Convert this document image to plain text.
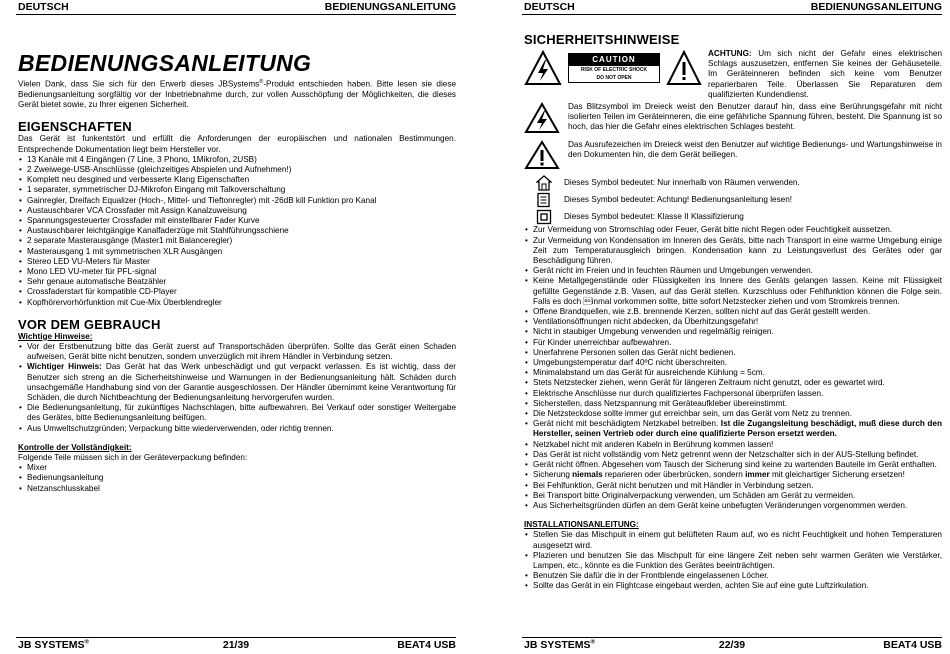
DEUTSCH	BEDIENUNGSANLEITUNG
BEDIENUNGSANLEITUNG

Vielen Dank, dass Sie sich für den Erwerb dieses JBSystems®-Produkt entschieden haben. Bitte lesen sie diese Bedienungsanleitung sorgfältig vor der Inbetriebnahme durch, zur vollen Ausschöpfung der Möglichkeiten, die dieses Gerät bietet sowie, zu Ihrer eigenen Sicherheit.

EIGENSCHAFTEN

Das Gerät ist funkentstört und erfüllt die Anforderungen der europäischen und nationalen Bestimmungen. Entsprechende Dokumentation liegt beim Hersteller vor.

• 13 Kanäle mit 4 Eingängen (7 Line, 3 Phono, 1Mikrofon, 2USB)
• 2 Zweiwege-USB-Anschlüsse (gleichzeitiges Abspielen und Aufnehmen!)
• Komplett neu desgined und verbesserte Klang Eigenschaften
• 1 separater, symmetrischer DJ-Mikrofon Eingang mit Talkoverschaltung
• Gainregler, Dreifach Equalizer (Hoch-, Mittel- und Tieftonregler) mit -26dB kill Funktion pro Kanal
• Austauschbarer VCA Crossfader mit Assign Kanalzuweisung
• Spannungsgesteuerter Crossfader mit einstellbarer Fader Kurve
• Austauschbarer leichtgängige Kanalfaderzüge mit Stahlführungsschiene
• 2 separate Masterausgänge (Master1 mit Balanceregler)
• Masterausgang 1 mit symmetrischen XLR Ausgängen
• Stereo LED VU-Meters für Master
• Mono LED VU-meter für PFL-signal
• Sehr genaue automatische Beatzähler
• Crossfaderstart für kompatible CD-Player
• Kopfhörervorhörfunktion mit Cue-Mix Überblendregler
VOR DEM GEBRAUCH
Wichtige Hinweise:
• Vor der Erstbenutzung bitte das Gerät zuerst auf Transportschäden überprüfen. Sollte das Gerät einen Schaden aufweisen, Gerät bitte nicht benutzen, sondern unverzüglich mit ihrem Händler in Verbindung setzen.
• Wichtiger Hinweis: Das Gerät hat das Werk unbeschädigt und gut verpackt verlassen. Es ist wichtig, dass der Benutzer sich streng an die Sicherheitshinweise und Warnungen in der Bedienungsanleitung hält. Schäden durch unsachgemäße Handhabung sind von der Garantie ausgeschlossen. Der Händler übernimmt keine Verantwortung für Schäden, die durch Nichtbeachtung der Bedienungsanleitung hervorgerufen wurden.
• Die Bedienungsanleitung, für zukünftiges Nachschlagen, bitte aufbewahren. Bei Verkauf oder sonstiger Weitergabe des Gerätes, bitte Bedienungsanleitung beifügen.
• Aus Umweltschutzgründen; Verpackung bitte wiederverwenden, oder richtig trennen.
Kontrolle der Vollständigkeit:

Folgende Teile müssen sich in der Geräteverpackung befinden:

• Mixer
• Bedienungsanleitung
• Netzanschlusskabel
JB SYSTEMS®	21/39	BEAT4 USB
DEUTSCH	BEDIENUNGSANLEITUNG
SICHERHEITSHINWEISE
CAUTION
RISK OF ELECTRIC SHOCK
DO NOT OPEN

ACHTUNG: Um sich nicht der Gefahr eines elektrischen Schlags auszusetzen, entfernen Sie keines der Gehäuseteile. Im Geräteinneren befinden sich keine vom Benutzer reparierbaren Teile. Überlassen Sie Reparaturen dem qualifizierten Kundendienst.

Das Blitzsymbol im Dreieck weist den Benutzer darauf hin, dass eine Berührungsgefahr mit nicht isolierten Teilen im Geräteinneren, die eine gefährliche Spannung führen, besteht. Die Spannung ist so hoch, das hier die Gefahr eines elektrischen Schlages besteht.

Das Ausrufezeichen im Dreieck weist den Benutzer auf wichtige Bedienungs- und Wartungshinweise in den Dokumenten hin, die dem Gerät beiliegen.

Dieses Symbol bedeutet: Nur innerhalb von Räumen verwenden.
Dieses Symbol bedeutet: Achtung! Bedienungsanleitung lesen!
Dieses Symbol bedeutet: Klasse II Klassifizierung
• Zur Vermeidung von Stromschlag oder Feuer, Gerät bitte nicht Regen oder Feuchtigkeit aussetzen.
• Zur Vermeidung von Kondensation im Inneren des Geräts, bitte nach Transport in eine warme Umgebung einige Zeit zum Temperaturausgleich bringen. Kondensation kann zu Leistungsverlust des Gerätes oder gar Beschädigung führen.
• Gerät nicht im Freien und in feuchten Räumen und Umgebungen verwenden.
• Keine Metallgegenstände oder Flüssigkeiten ins Innere des Geräts gelangen lassen. Keine mit Flüssigkeit gefüllte Gegenstände z.B. Vasen, auf das Gerät stellen. Kurzschluss oder Fehlfunktion können die Folge sein. Falls es doch inmal vorkommen sollte, bitte sofort Netzstecker ziehen und vom Stromkreis trennen.
• Offene Brandquellen, wie z.B. brennende Kerzen, sollten nicht auf das Gerät gestellt werden.
• Ventilationsöffnungen nicht abdecken, da Überhitzungsgefahr!
• Nicht in staubiger Umgebung verwenden und regelmäßig reinigen.
• Für Kinder unerreichbar aufbewahren.
• Unerfahrene Personen sollen das Gerät nicht bedienen.
• Umgebungstemperatur darf 40ºC nicht überschreiten.
• Minimalabstand um das Gerät für ausreichende Kühlung = 5cm.
• Stets Netzstecker ziehen, wenn Gerät für längeren Zeitraum nicht genutzt, oder es gewartet wird.
• Elektrische Anschlüsse nur durch qualifiziertes Fachpersonal überprüfen lassen.
• Sicherstellen, dass Netzspannung mit Geräteaufkleber übereinstimmt.
• Die Netzsteckdose sollte immer gut erreichbar sein, um das Gerät vom Netz zu trennen.
• Gerät nicht mit beschädigtem Netzkabel betreiben. Ist die Zugangsleitung beschädigt, muß diese durch den Hersteller, seinen Vertrieb oder durch eine qualifizierte Person ersetzt werden.
• Netzkabel nicht mit anderen Kabeln in Berührung kommen lassen!
• Das Gerät ist nicht vollständig vom Netz getrennt wenn der Netzschalter sich in der AUS-Stellung befindet.
• Gerät nicht öffnen. Abgesehen vom Tausch der Sicherung sind keine zu wartenden Bauteile im Gerät enthalten.
• Sicherung niemals reparieren oder überbrücken, sondern immer mit gleichartiger Sicherung ersetzen!
• Bei Fehlfunktion, Gerät nicht benutzen und mit Händler in Verbindung setzen.
• Bei Transport bitte Originalverpackung verwenden, um Schäden am Gerät zu vermeiden.
• Aus Sicherheitsgründen dürfen an dem Gerät keine unbefugten Veränderungen vorgenommen werden.
INSTALLATIONSANLEITUNG:
• Stellen Sie das Mischpult in einem gut belüfteten Raum auf, wo es nicht Feuchtigkeit und hohen Temperaturen ausgesetzt wird.
• Plazieren und benutzen Sie das Mischpult für eine längere Zeit neben sehr warmen Geräten wie Verstärker, Lampen, etc., könnte es die Funktion des Gerätes beeinträchtigen.
• Benutzen Sie dafür die in der Frontblende eingelassenen Löcher.
• Sollte das Gerät in ein Flightcase eingebaut werden, achten Sie auf eine gute Luftzirkulation.
JB SYSTEMS®	22/39	BEAT4 USB
